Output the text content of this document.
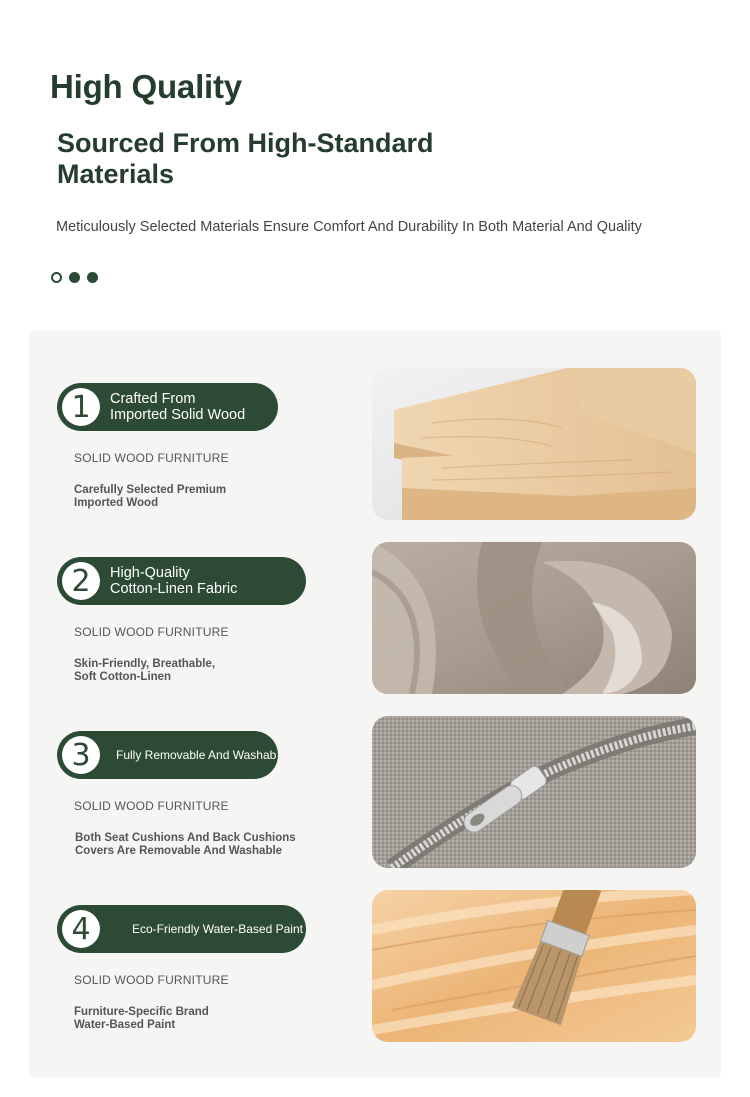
High Quality
Sourced From High-Standard Materials
Meticulously Selected Materials Ensure Comfort And Durability In Both Material And Quality
1	Crafted From
Imported Solid Wood
SOLID WOOD FURNITURE
Carefully Selected Premium
Imported Wood
2	High-Quality
Cotton-Linen Fabric
SOLID WOOD FURNITURE
Skin-Friendly, Breathable,
Soft Cotton-Linen
3	Fully Removable And Washab
SOLID WOOD FURNITURE
Both Seat Cushions And Back Cushions
Covers Are Removable And Washable
4	Eco-Friendly Water-Based Paint
SOLID WOOD FURNITURE
Furniture-Specific Brand
Water-Based Paint
